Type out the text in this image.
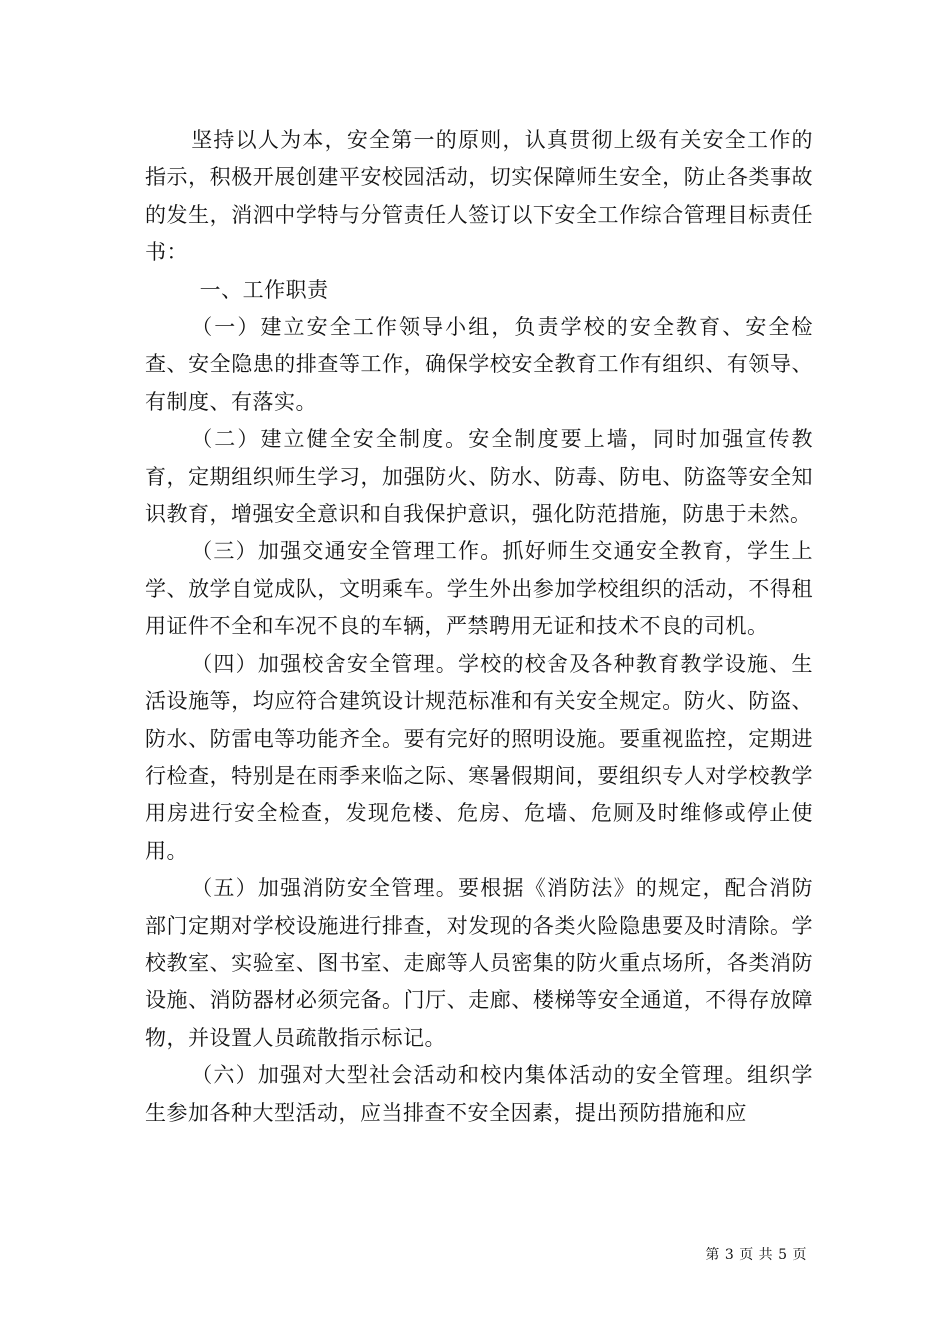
坚持以人为本，安全第一的原则，认真贯彻上级有关安全工作的指示，积极开展创建平安校园活动，切实保障师生安全，防止各类事故的发生，消泗中学特与分管责任人签订以下安全工作综合管理目标责任书：

一、工作职责

（一）建立安全工作领导小组，负责学校的安全教育、安全检查、安全隐患的排查等工作，确保学校安全教育工作有组织、有领导、有制度、有落实。

（二）建立健全安全制度。安全制度要上墙，同时加强宣传教育，定期组织师生学习，加强防火、防水、防毒、防电、防盗等安全知识教育，增强安全意识和自我保护意识，强化防范措施，防患于未然。

（三）加强交通安全管理工作。抓好师生交通安全教育，学生上学、放学自觉成队，文明乘车。学生外出参加学校组织的活动，不得租用证件不全和车况不良的车辆，严禁聘用无证和技术不良的司机。

（四）加强校舍安全管理。学校的校舍及各种教育教学设施、生活设施等，均应符合建筑设计规范标准和有关安全规定。防火、防盗、防水、防雷电等功能齐全。要有完好的照明设施。要重视监控，定期进行检查，特别是在雨季来临之际、寒暑假期间，要组织专人对学校教学用房进行安全检查，发现危楼、危房、危墙、危厕及时维修或停止使用。

（五）加强消防安全管理。要根据《消防法》的规定，配合消防部门定期对学校设施进行排查，对发现的各类火险隐患要及时清除。学校教室、实验室、图书室、走廊等人员密集的防火重点场所，各类消防设施、消防器材必须完备。门厅、走廊、楼梯等安全通道，不得存放障物，并设置人员疏散指示标记。

（六）加强对大型社会活动和校内集体活动的安全管理。组织学生参加各种大型活动，应当排查不安全因素，提出预防措施和应

第 3 页 共 5 页
